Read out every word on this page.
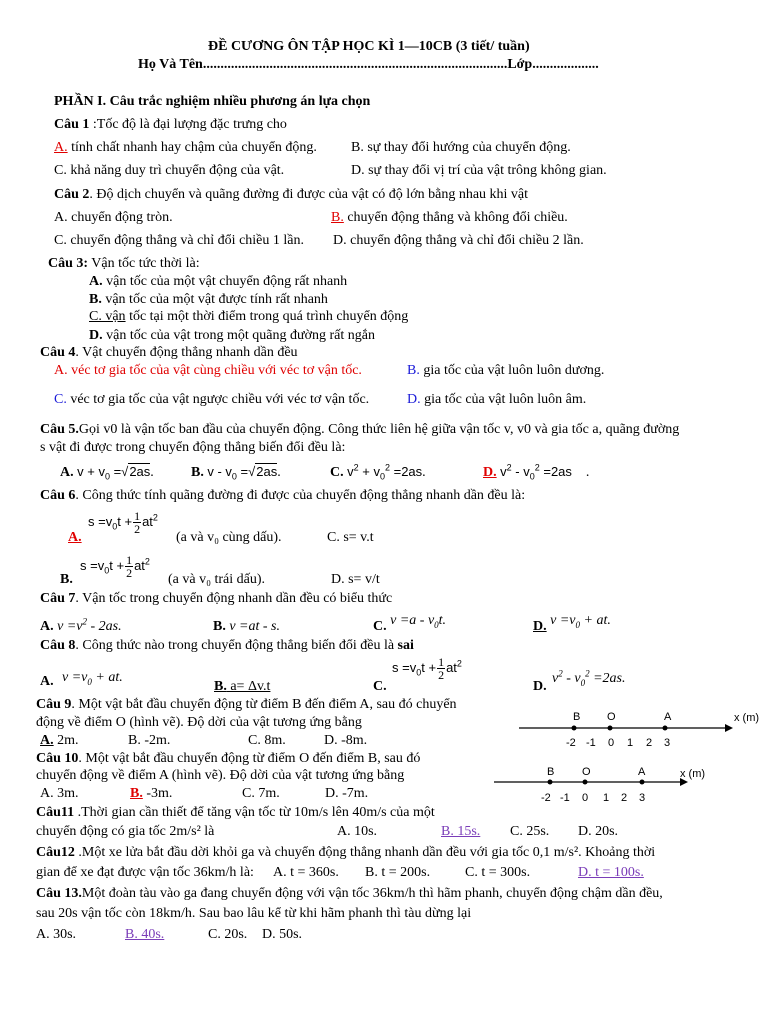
ĐỀ CƯƠNG ÔN TẬP HỌC KÌ 1—10CB (3 tiết/ tuần)
Họ Và Tên.......................................................................................Lớp...................
PHẦN I. Câu trắc nghiệm nhiều phương án lựa chọn
Câu 1 :Tốc độ là đại lượng đặc trưng cho
A. tính chất nhanh hay chậm của chuyển động. B. sự thay đổi hướng của chuyển động.
C. khả năng duy trì chuyển động của vật.	D. sự thay đổi vị trí của vật trông không gian.
Câu 2. Độ dịch chuyển và quãng đường đi được của vật có độ lớn bằng nhau khi vật
A. chuyển động tròn.	B. chuyển động thẳng và không đổi chiều.
C. chuyển động thẳng và chỉ đổi chiều 1 lần. D. chuyển động thẳng và chỉ đổi chiều 2 lần.
Câu 3: Vận tốc tức thời là:
A. vận tốc của một vật chuyển động rất nhanh
B. vận tốc của một vật được tính rất nhanh
C. vận tốc tại một thời điểm trong quá trình chuyển động
D. vận tốc của vật trong một quãng đường rất ngắn
Câu 4. Vật chuyển động thẳng nhanh dần đều
A. véc tơ gia tốc của vật cùng chiều với véc tơ vận tốc.	B. gia tốc của vật luôn luôn dương.
C. véc tơ gia tốc của vật ngược chiều với véc tơ vận tốc.	D. gia tốc của vật luôn luôn âm.
Câu 5.Gọi v0 là vận tốc ban đầu của chuyển động. Công thức liên hệ giữa vận tốc v, v0 và gia tốc a, quãng đường
s vật đi được trong chuyển động thẳng biến đổi đều là:
A. $v + v_0 =√2as$.	B. $v - v_0 =√2as$.	C. $v^2 + v_0^2 =2as$.	D. $v^2 - v_0^2 =2as$    .
Câu 6. Công thức tính quãng đường đi được của chuyển động thẳng nhanh dần đều là:
$s =v_0t + \frac{1}{2} at^2$
A.	(a và v₀ cùng dấu).	C. s= v.t
$s =v_0t + \frac{1}{2} at^2$
B.	(a và v₀ trái dấu).	D. s= v/t
Câu 7. Vận tốc trong chuyển động nhanh dần đều có biểu thức
A. $v =v^2 - 2as$.	B. v =at - s.	C. $v =a - v_0t$.	D. $v =v_0$ + at.
Câu 8. Công thức nào trong chuyển động thẳng biến đổi đều là sai
A. $v =v_0$ + at.
B. a= Δv.t	C.
$s =v_0t + \frac{1}{2} at^2$
D.
$v^2 - v_0^2 =2as$.
Câu 9. Một vật bắt đầu chuyển động từ điểm B đến điểm A, sau đó chuyển
động về điểm O (hình vẽ). Độ dời của vật tương ứng bằng
A. 2m.	B. -2m.	C. 8m.	D. -8m.
B O	A	x (m)
-2 -1 0 1 2 3
Câu 10. Một vật bắt đầu chuyển động từ điểm O đến điểm B, sau đó
chuyển động về điểm A (hình vẽ). Độ dời của vật tương ứng bằng
A. 3m.	B. -3m.	C. 7m.	D. -7m.
B	O	A	x (m)
-2 -1 0 1 2 3
Câu11 .Thời gian cần thiết để tăng vận tốc từ 10m/s lên 40m/s của một
chuyển động có gia tốc 2m/s² là	A. 10s.	B. 15s. C. 25s. D. 20s.
Câu12 .Một xe lửa bắt đầu dời khỏi ga và chuyển động thẳng nhanh dần đều với gia tốc 0,1 m/s². Khoảng thời
gian để xe đạt được vận tốc 36km/h là: A. t = 360s. B. t = 200s. C. t = 300s.	D. t = 100s.
Câu 13.Một đoàn tàu vào ga đang chuyển động với vận tốc 36km/h thì hãm phanh, chuyển động chậm dần đều,
sau 20s vận tốc còn 18km/h. Sau bao lâu kể từ khi hãm phanh thì tàu dừng lại
A. 30s.	B. 40s.	C. 20s. D. 50s.
